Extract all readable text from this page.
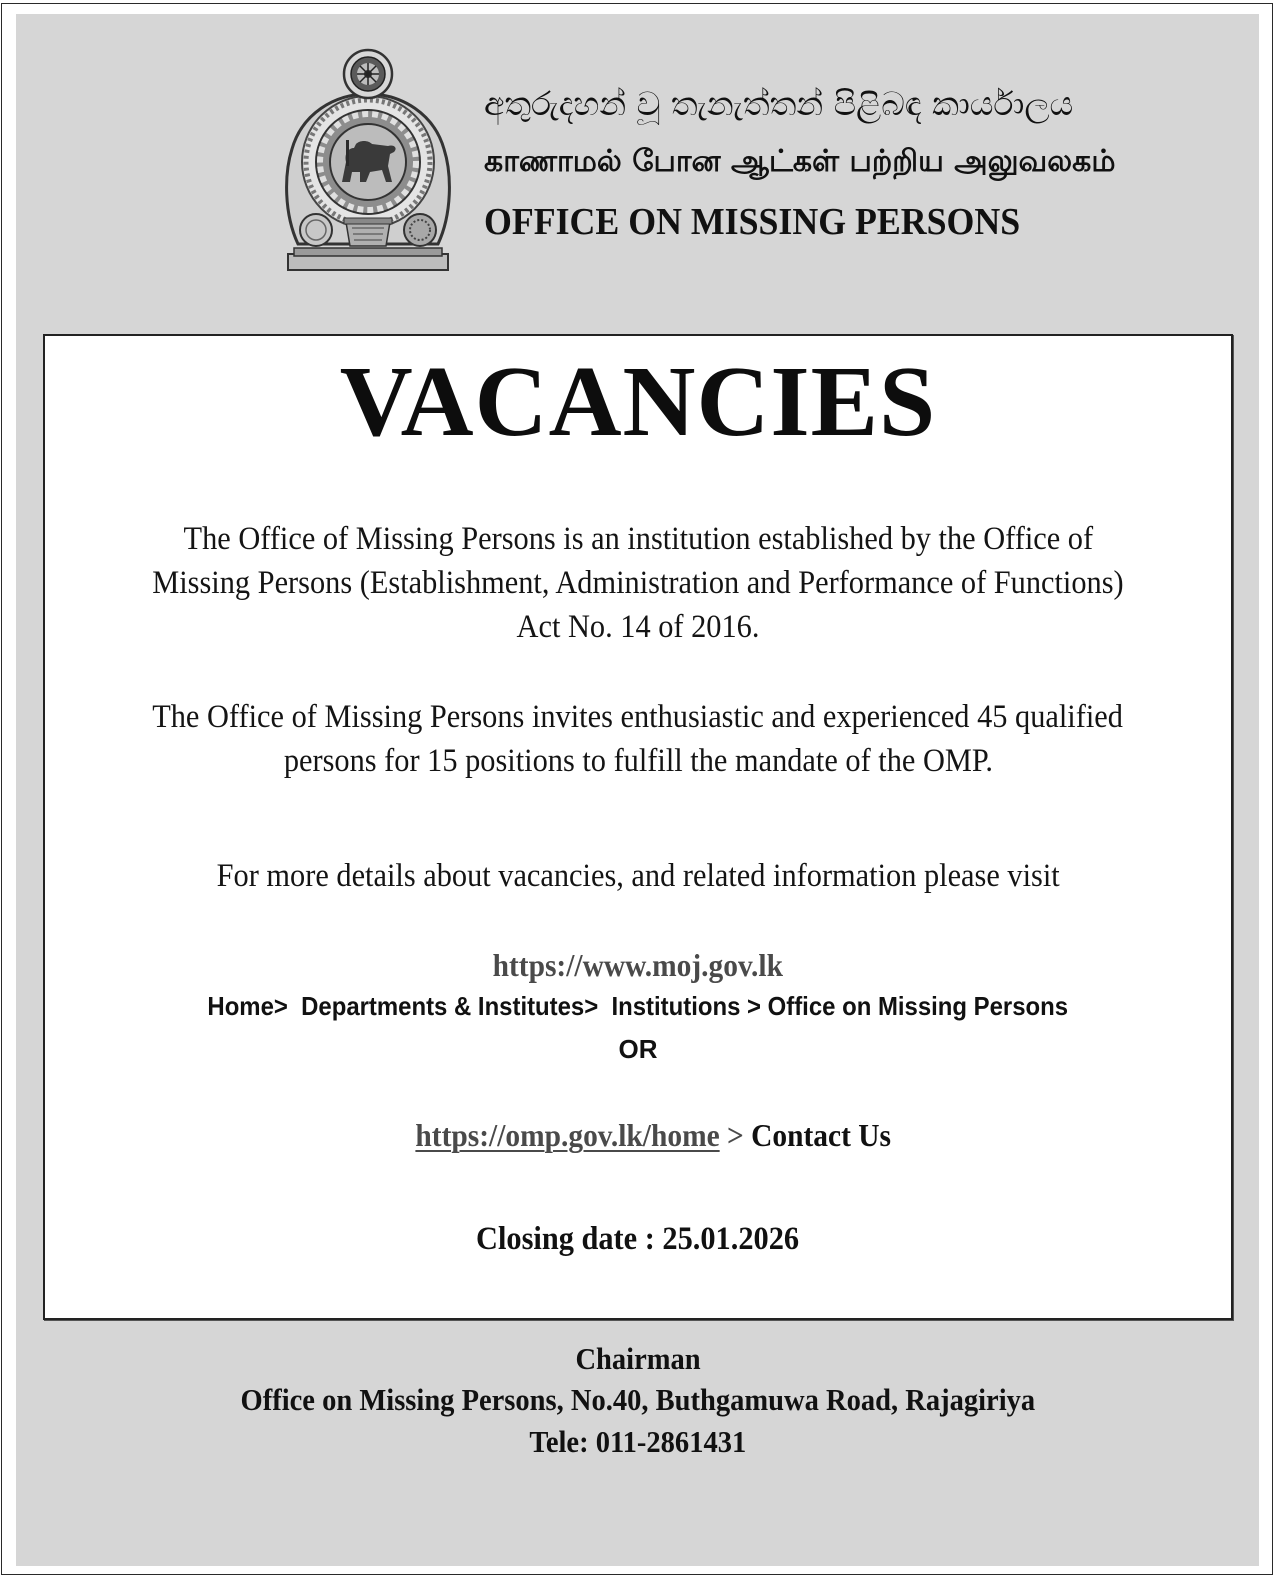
අතුරුදහන් වූ තැනැත්තන් පිළිබඳ කාර්යාලය
காணாமல் போன ஆட்கள் பற்றிய அலுவலகம்
OFFICE ON MISSING PERSONS
VACANCIES
The Office of Missing Persons is an institution established by the Office of
Missing Persons (Establishment, Administration and Performance of Functions)
Act No. 14 of 2016.
The Office of Missing Persons invites enthusiastic and experienced 45 qualified
persons for 15 positions to fulfill the mandate of the OMP.
For more details about vacancies, and related information please visit
https://www.moj.gov.lk
Home>  Departments & Institutes>  Institutions > Office on Missing Persons
OR

https://omp.gov.lk/home > Contact Us

Closing date : 25.01.2026
Chairman
Office on Missing Persons, No.40, Buthgamuwa Road, Rajagiriya
Tele: 011-2861431
